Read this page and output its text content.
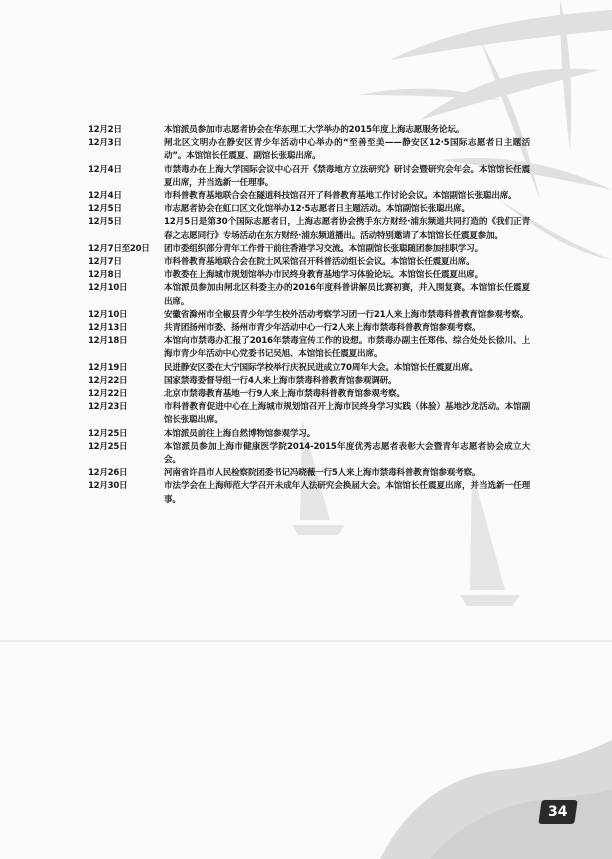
12月2日	本馆派员参加市志愿者协会在华东理工大学举办的2015年度上海志愿服务论坛。
12月3日	闸北区文明办在静安区青少年活动中心举办的“至善至美——静安区12·5国际志愿者日主题活动”。本馆馆长任震夏、副馆长张聪出席。
12月4日	市禁毒办在上海大学国际会议中心召开《禁毒地方立法研究》研讨会暨研究会年会。本馆馆长任震夏出席，并当选新一任理事。
12月4日	市科普教育基地联合会在隧道科技馆召开了科普教育基地工作讨论会议。本馆副馆长张聪出席。
12月5日	市志愿者协会在虹口区文化馆举办12·5志愿者日主题活动。本馆副馆长张聪出席。
12月5日	12月5日是第30个国际志愿者日，上海志愿者协会携手东方财经·浦东频道共同打造的《我们正青春之志愿同行》专场活动在东方财经·浦东频道播出。活动特别邀请了本馆馆长任震夏参加。
12月7日至20日	团市委组织部分青年工作骨干前往香港学习交流。本馆副馆长张聪随团参加挂职学习。
12月7日	市科普教育基地联合会在院士风采馆召开科普活动组长会议。本馆馆长任震夏出席。
12月8日	市教委在上海城市规划馆举办市民终身教育基地学习体验论坛。本馆馆长任震夏出席。
12月10日	本馆派员参加由闸北区科委主办的2016年度科普讲解员比赛初赛，并入围复赛。本馆馆长任震夏出席。
12月10日	安徽省滁州市全椒县青少年学生校外活动考察学习团一行21人来上海市禁毒科普教育馆参观考察。
12月13日	共青团扬州市委、扬州市青少年活动中心一行2人来上海市禁毒科普教育馆参观考察。
12月18日	本馆向市禁毒办汇报了2016年禁毒宣传工作的设想。市禁毒办副主任郑伟、综合处处长徐川、上海市青少年活动中心党委书记吴旭、本馆馆长任震夏出席。
12月19日	民进静安区委在大宁国际学校举行庆祝民进成立70周年大会。本馆馆长任震夏出席。
12月22日	国家禁毒委督导组一行4人来上海市禁毒科普教育馆参观调研。
12月22日	北京市禁毒教育基地一行9人来上海市禁毒科普教育馆参观考察。
12月23日	市科普教育促进中心在上海城市规划馆召开上海市民终身学习实践（体验）基地沙龙活动。本馆副馆长张聪出席。
12月25日	本馆派员前往上海自然博物馆参观学习。
12月25日	本馆派员参加上海市健康医学院2014-2015年度优秀志愿者表彰大会暨青年志愿者协会成立大会。
12月26日	河南省许昌市人民检察院团委书记冯晓薇一行5人来上海市禁毒科普教育馆参观考察。
12月30日	市法学会在上海师范大学召开未成年人法研究会换届大会。本馆馆长任震夏出席，并当选新一任理事。
34
